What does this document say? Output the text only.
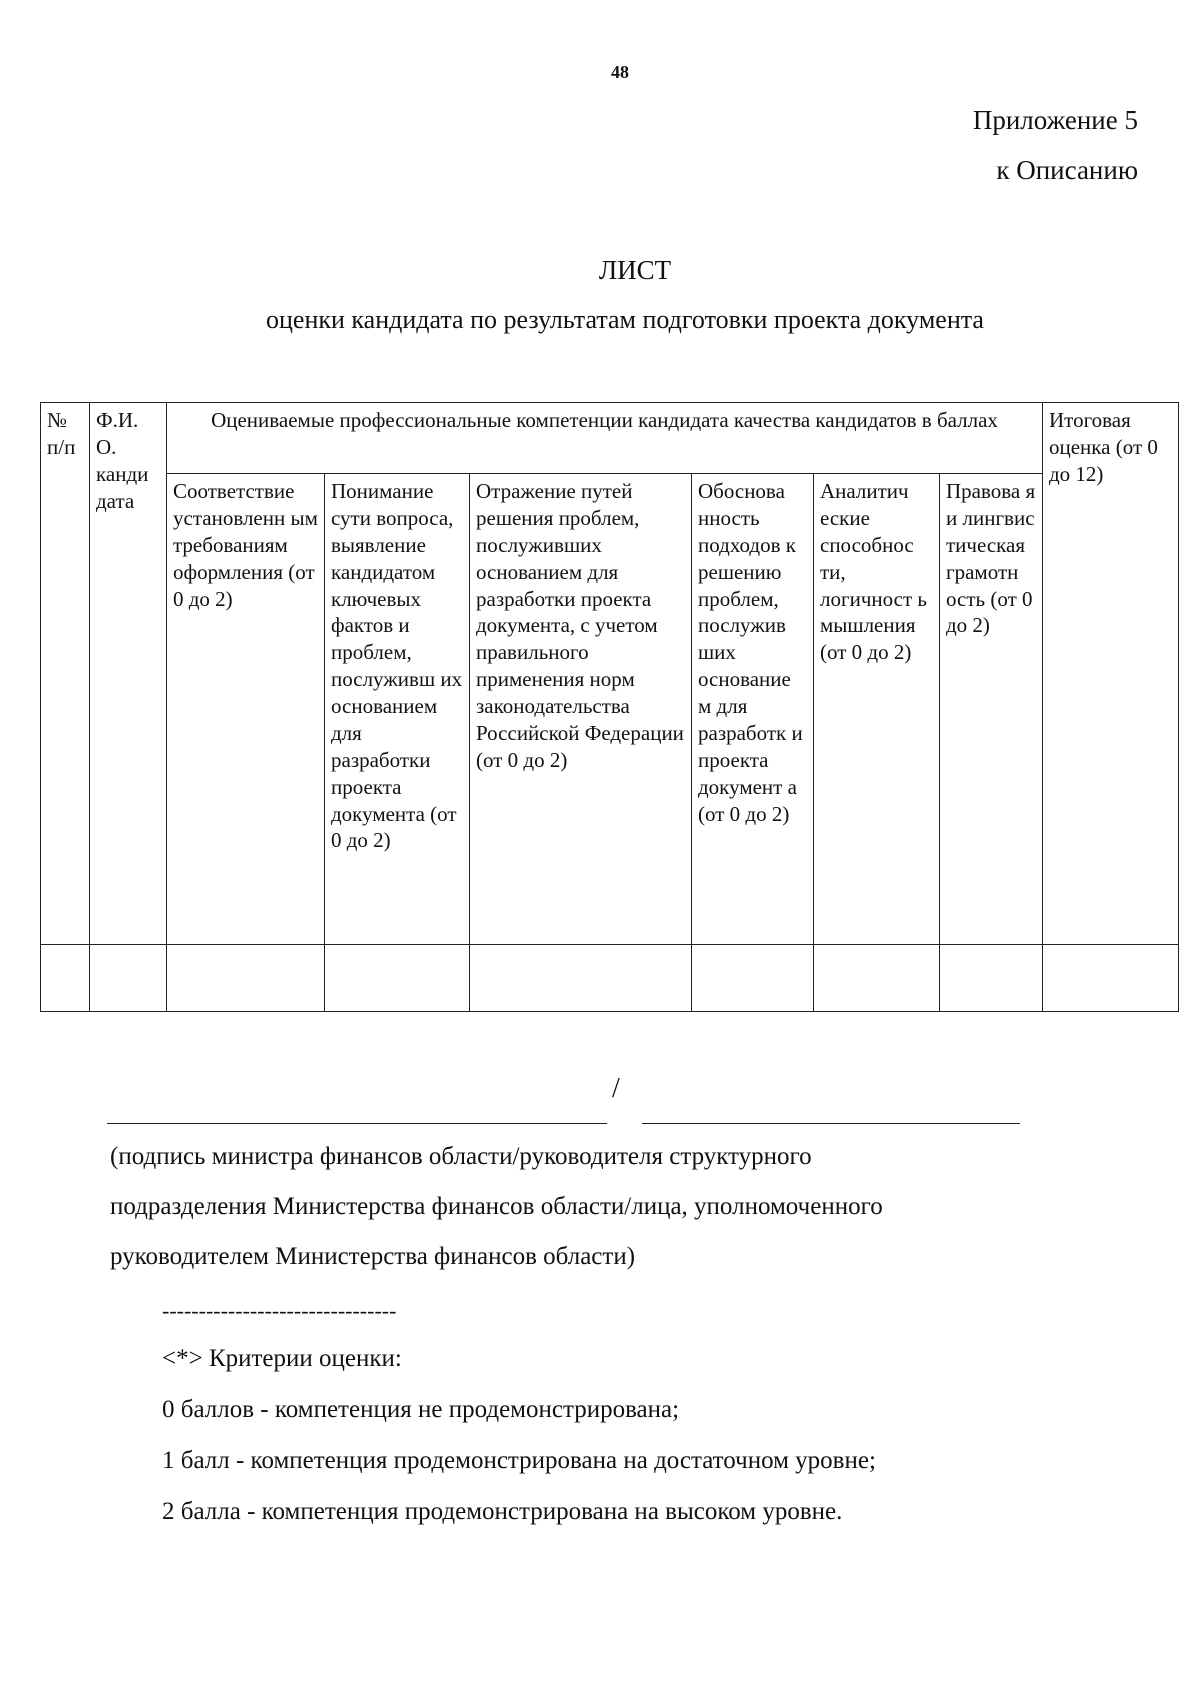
48
Приложение 5
к Описанию
ЛИСТ
оценки кандидата по результатам подготовки проекта документа
№ п/п	Ф.И. О. канди дата	Оцениваемые профессиональные компетенции кандидата качества кандидатов в баллах						Итоговая оценка (от 0 до 12)
		Соответствие установленн ым требованиям оформления (от 0 до 2)	Понимание сути вопроса, выявление кандидатом ключевых фактов и проблем, послуживш их основанием для разработки проекта документа (от 0 до 2)	Отражение путей решения проблем, послуживших основанием для разработки проекта документа, с учетом правильного применения норм законодательства Российской Федерации (от 0 до 2)	Обоснова нность подходов к решению проблем, послужив ших основание м для разработк и проекта документ а (от 0 до 2)	Аналитич еские способнос ти, логичност ь мышления (от 0 до 2)	Правова я и лингвис тическая грамотн ость (от 0 до 2)	

/
(подпись министра финансов области/руководителя структурного
подразделения Министерства финансов области/лица, уполномоченного
руководителем Министерства финансов области)
--------------------------------
<*> Критерии оценки:
0 баллов - компетенция не продемонстрирована;
1 балл - компетенция продемонстрирована на достаточном уровне;
2 балла - компетенция продемонстрирована на высоком уровне.
